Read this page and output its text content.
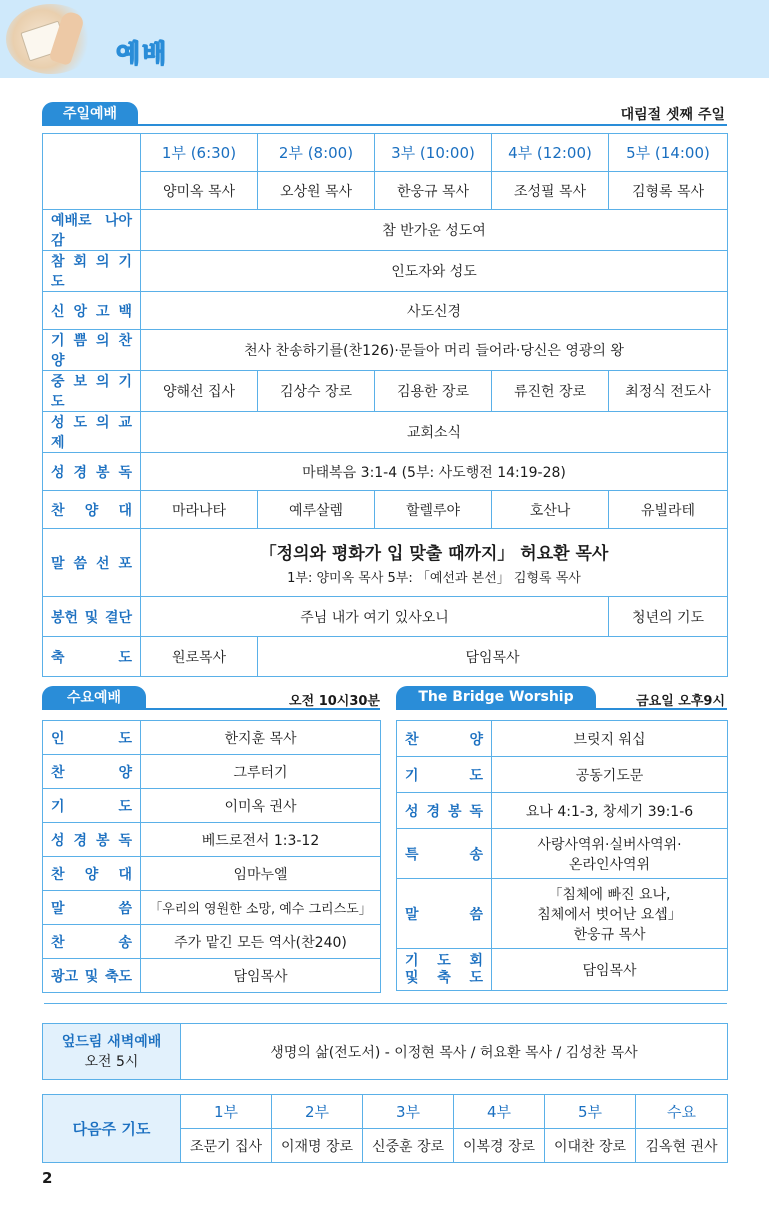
예배
주일예배	대림절 셋째 주일
	1부 (6:30)	2부 (8:00)	3부 (10:00)	4부 (12:00)	5부 (14:00)
	양미옥 목사	오상원 목사	한웅규 목사	조성필 목사	김형록 목사
예배로 나아감	참 반가운 성도여				
참 회 의 기 도	인도자와 성도				
신 앙 고 백	사도신경				
기 쁨 의 찬 양	천사 찬송하기를(찬126)·문들아 머리 들어라·당신은 영광의 왕				
중 보 의 기 도	양해선 집사	김상수 장로	김용한 장로	류진헌 장로	최정식 전도사
성 도 의 교 제	교회소식				
성 경 봉 독	마태복음 3:1-4 (5부: 사도행전 14:19-28)				
찬 양 대	마라나타	예루살렘	할렐루야	호산나	유빌라테
말 씀 선 포	「정의와 평화가 입 맞출 때까지」 허요환 목사
1부: 양미옥 목사 5부: 「예선과 본선」 김형록 목사				

봉헌 및 결단	주님 내가 여기 있사오니				청년의 기도
축 도	원로목사	담임목사			
수요예배	오전 10시30분
인 도	한지훈 목사
찬 양	그루터기
기 도	이미옥 권사
성 경 봉 독	베드로전서 1:3-12
찬 양 대	임마누엘
말 씀	「우리의 영원한 소망, 예수 그리스도」
찬 송	주가 맡긴 모든 역사(찬240)
광고 및 축도	담임목사
The Bridge Worship	금요일 오후9시
찬 양	브릿지 워십
기 도	공동기도문
성 경 봉 독	요나 4:1-3, 창세기 39:1-6
특 송	사랑사역위·실버사역위·
온라인사역위

말 씀	「침체에 빠진 요나,
침체에서 벗어난 요셉」
한웅규 목사

기 도 회
및 축 도	담임목사
엎드림 새벽예배
오전 5시
	생명의 삶(전도서) - 이정현 목사 / 허요환 목사 / 김성찬 목사
다음주 기도	1부	2부	3부	4부	5부	수요
	조문기 집사	이재명 장로	신중훈 장로	이복경 장로	이대찬 장로	김옥현 권사
2
